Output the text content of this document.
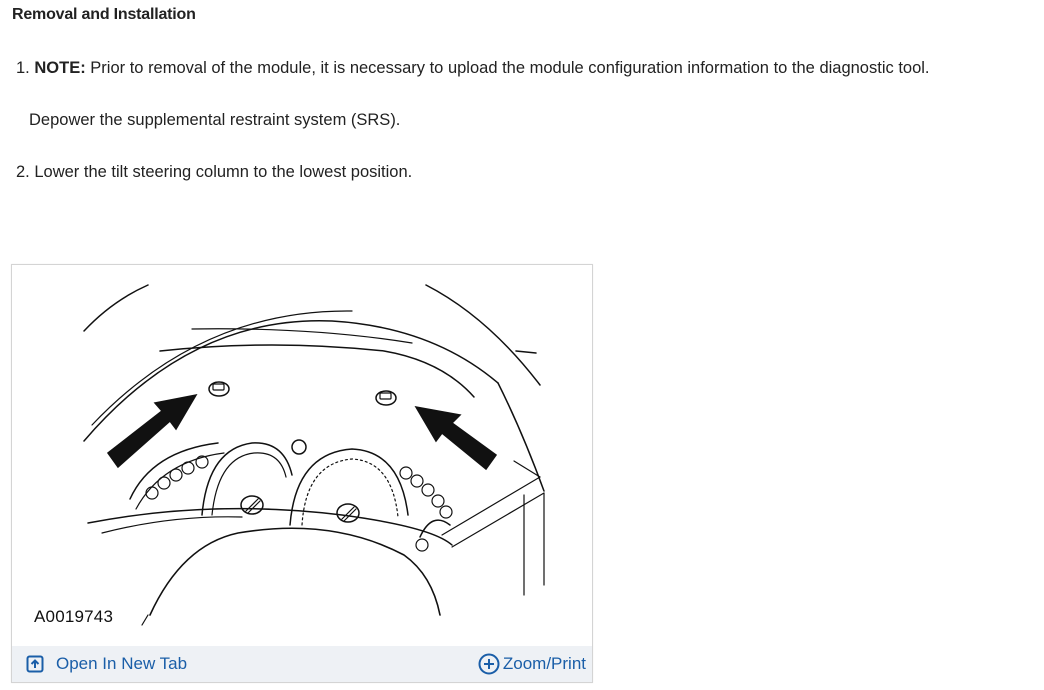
Removal and Installation
1. NOTE: Prior to removal of the module, it is necessary to upload the module configuration information to the diagnostic tool.
Depower the supplemental restraint system (SRS).
2. Lower the tilt steering column to the lowest position.
A0019743
Open In New Tab	Zoom/Print
